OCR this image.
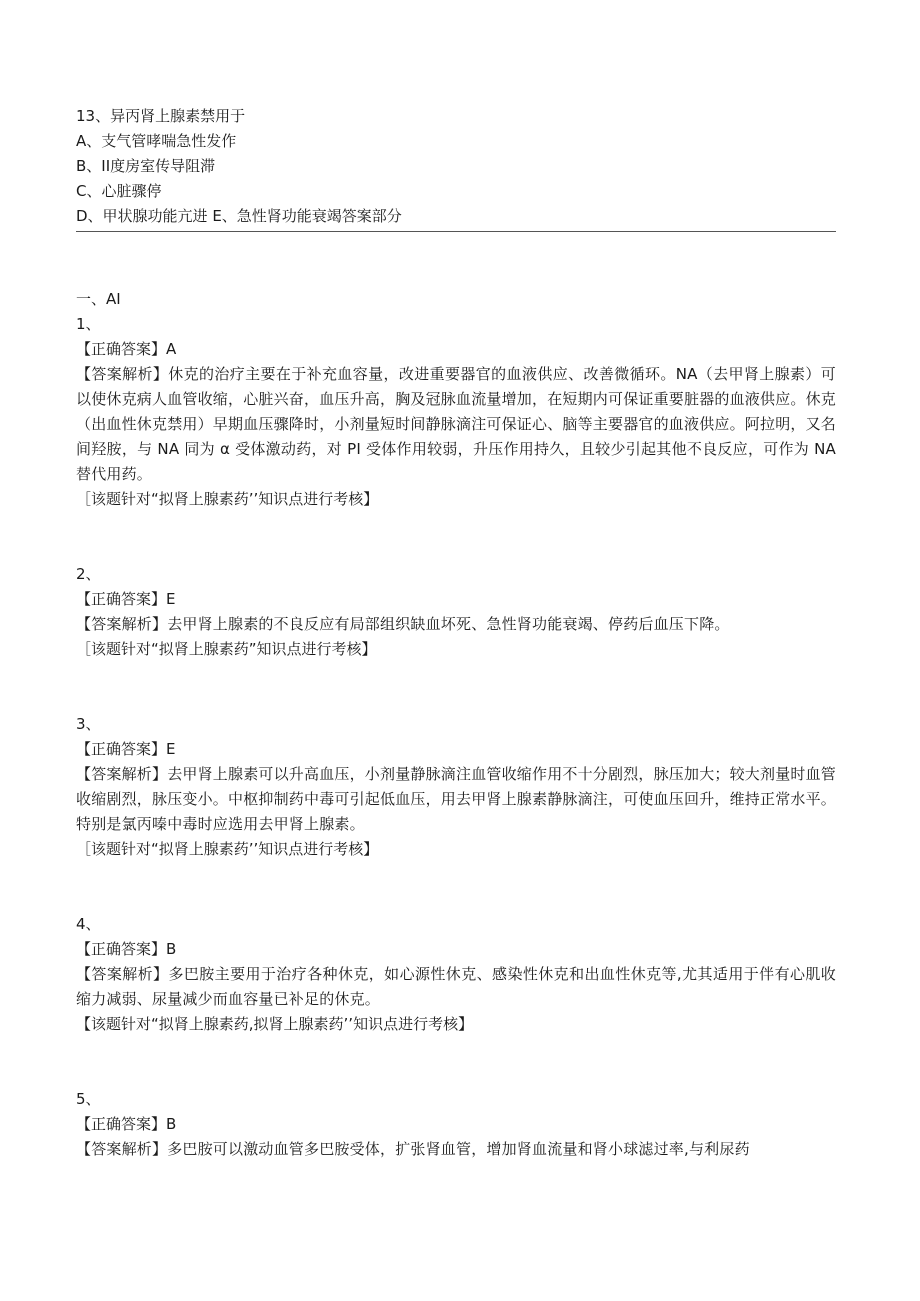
13、异丙肾上腺素禁用于
A、支气管哮喘急性发作
B、II度房室传导阻滞
C、心脏骤停
D、甲状腺功能亢进 E、急性肾功能衰竭答案部分
一、AI
1、
【正确答案】A
【答案解析】休克的治疗主要在于补充血容量，改进重要器官的血液供应、改善微循环。NA（去甲肾上腺素）可以使休克病人血管收缩，心脏兴奋，血压升高，胸及冠脉血流量增加，在短期内可保证重要脏器的血液供应。休克（出血性休克禁用）早期血压骤降时，小剂量短时间静脉滴注可保证心、脑等主要器官的血液供应。阿拉明，又名间羟胺，与 NA 同为 α 受体激动药，对 PI 受体作用较弱，升压作用持久，且较少引起其他不良反应，可作为 NA 替代用药。
［该题针对“拟肾上腺素药’’知识点进行考核】
2、
【正确答案】E
【答案解析】去甲肾上腺素的不良反应有局部组织缺血坏死、急性肾功能衰竭、停药后血压下降。
［该题针对“拟肾上腺素药”知识点进行考核】
3、
【正确答案】E
【答案解析】去甲肾上腺素可以升高血压，小剂量静脉滴注血管收缩作用不十分剧烈，脉压加大；较大剂量时血管收缩剧烈，脉压变小。中枢抑制药中毒可引起低血压，用去甲肾上腺素静脉滴注，可使血压回升，维持正常水平。特别是氯丙嗪中毒时应选用去甲肾上腺素。
［该题针对“拟肾上腺素药’’知识点进行考核】
4、
【正确答案】B
【答案解析】多巴胺主要用于治疗各种休克，如心源性休克、感染性休克和出血性休克等,尤其适用于伴有心肌收缩力减弱、尿量减少而血容量已补足的休克。
【该题针对“拟肾上腺素药,拟肾上腺素药’’知识点进行考核】
5、
【正确答案】B
【答案解析】多巴胺可以激动血管多巴胺受体，扩张肾血管，增加肾血流量和肾小球滤过率,与利尿药
